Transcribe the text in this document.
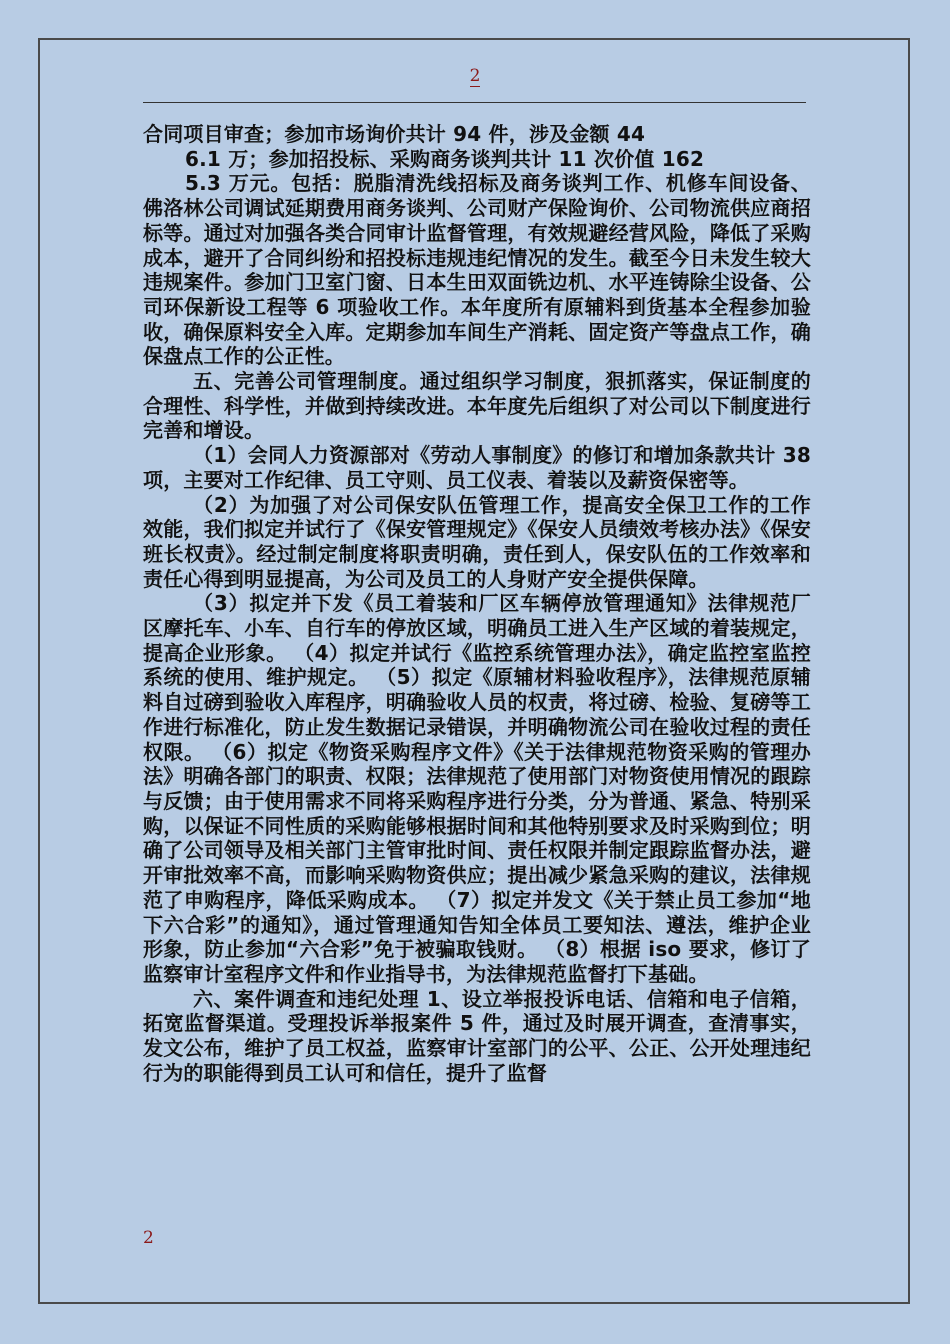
2

合同项目审查；参加市场询价共计 94 件，涉及金额 44

6.1 万；参加招投标、采购商务谈判共计 11 次价值 162

5.3 万元。包括：脱脂清洗线招标及商务谈判工作、机修车间设备、佛洛林公司调试延期费用商务谈判、公司财产保险询价、公司物流供应商招标等。通过对加强各类合同审计监督管理，有效规避经营风险，降低了采购成本，避开了合同纠纷和招投标违规违纪情况的发生。截至今日未发生较大违规案件。参加门卫室门窗、日本生田双面铣边机、水平连铸除尘设备、公司环保新设工程等 6 项验收工作。本年度所有原辅料到货基本全程参加验收，确保原料安全入库。定期参加车间生产消耗、固定资产等盘点工作，确保盘点工作的公正性。

五、完善公司管理制度。通过组织学习制度，狠抓落实，保证制度的合理性、科学性，并做到持续改进。本年度先后组织了对公司以下制度进行完善和增设。

（1）会同人力资源部对《劳动人事制度》的修订和增加条款共计 38 项，主要对工作纪律、员工守则、员工仪表、着装以及薪资保密等。

（2）为加强了对公司保安队伍管理工作，提高安全保卫工作的工作效能，我们拟定并试行了《保安管理规定》《保安人员绩效考核办法》《保安班长权责》。经过制定制度将职责明确，责任到人，保安队伍的工作效率和责任心得到明显提高，为公司及员工的人身财产安全提供保障。

（3）拟定并下发《员工着装和厂区车辆停放管理通知》法律规范厂区摩托车、小车、自行车的停放区域，明确员工进入生产区域的着装规定，提高企业形象。 （4）拟定并试行《监控系统管理办法》，确定监控室监控系统的使用、维护规定。 （5）拟定《原辅材料验收程序》，法律规范原辅料自过磅到验收入库程序，明确验收人员的权责，将过磅、检验、复磅等工作进行标准化，防止发生数据记录错误，并明确物流公司在验收过程的责任权限。 （6）拟定《物资采购程序文件》《关于法律规范物资采购的管理办法》明确各部门的职责、权限；法律规范了使用部门对物资使用情况的跟踪与反馈；由于使用需求不同将采购程序进行分类，分为普通、紧急、特别采购，以保证不同性质的采购能够根据时间和其他特别要求及时采购到位；明确了公司领导及相关部门主管审批时间、责任权限并制定跟踪监督办法，避开审批效率不高，而影响采购物资供应；提出减少紧急采购的建议，法律规范了申购程序，降低采购成本。 （7）拟定并发文《关于禁止员工参加“地下六合彩”的通知》，通过管理通知告知全体员工要知法、遵法，维护企业形象，防止参加“六合彩”免于被骗取钱财。 （8）根据 iso 要求，修订了监察审计室程序文件和作业指导书，为法律规范监督打下基础。

六、案件调查和违纪处理 1、设立举报投诉电话、信箱和电子信箱，拓宽监督渠道。受理投诉举报案件 5 件，通过及时展开调查，查清事实，发文公布，维护了员工权益，监察审计室部门的公平、公正、公开处理违纪行为的职能得到员工认可和信任，提升了监督

2
